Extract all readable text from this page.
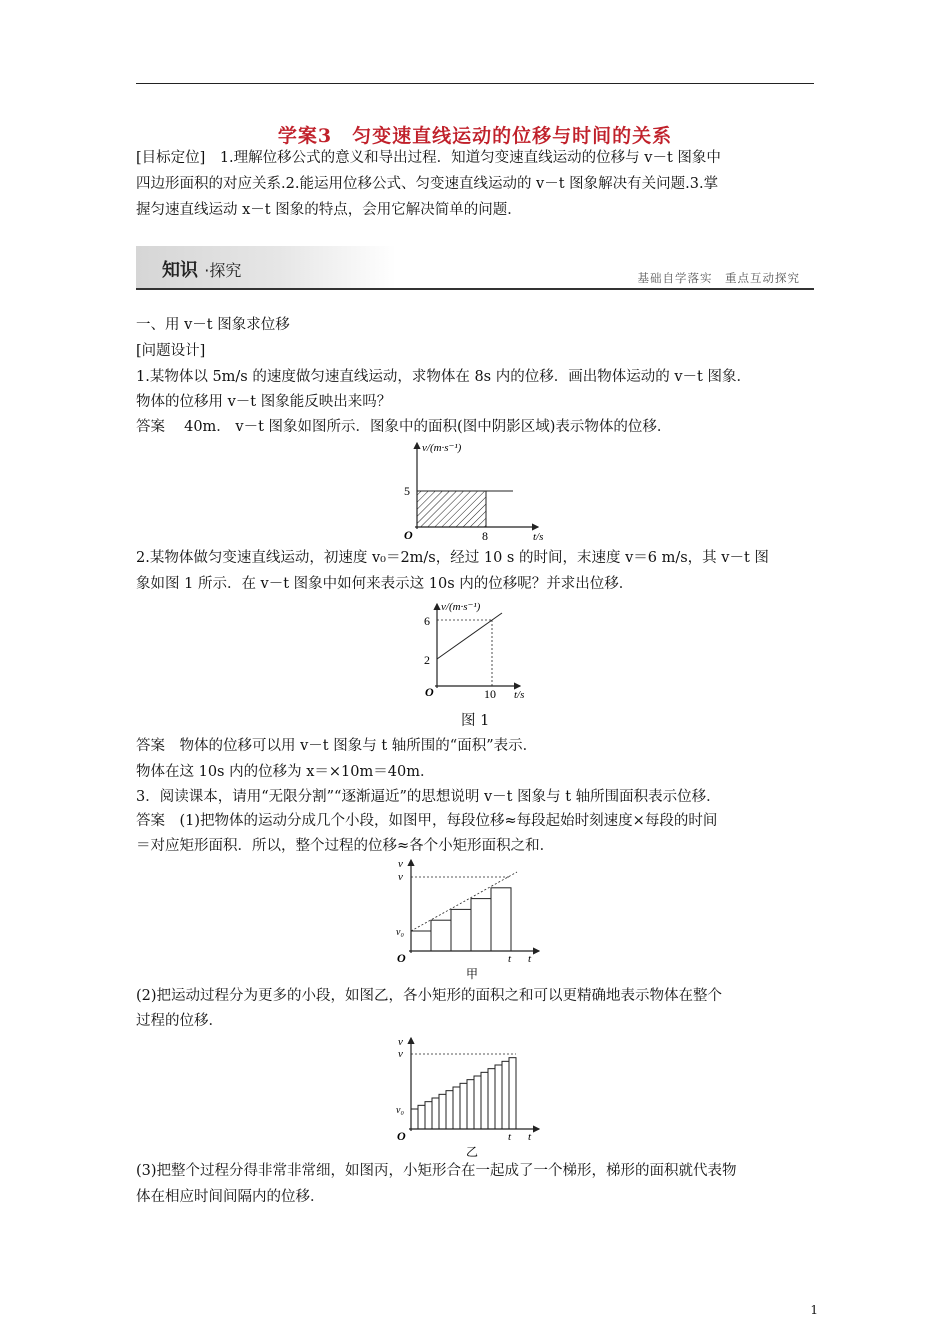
学案3　匀变速直线运动的位移与时间的关系
[目标定位]　1.理解位移公式的意义和导出过程．知道匀变速直线运动的位移与 v－t 图象中
四边形面积的对应关系.2.能运用位移公式、匀变速直线运动的 v－t 图象解决有关问题.3.掌
握匀速直线运动 x－t 图象的特点，会用它解决简单的问题．
知识 ·探究	基础自学落实　重点互动探究
一、用 v－t 图象求位移
[问题设计]
1.某物体以 5m/s 的速度做匀速直线运动，求物体在 8s 内的位移．画出物体运动的 v－t 图象．
物体的位移用 v－t 图象能反映出来吗？
答案　 40m． v－t 图象如图所示．图象中的面积(图中阴影区域)表示物体的位移．
v/(m·s⁻¹)
t/s
O
5
8
2.某物体做匀变速直线运动，初速度 v₀＝2m/s，经过 10 s 的时间，末速度 v＝6 m/s，其 v－t 图
象如图 1 所示．在 v－t 图象中如何来表示这 10s 内的位移呢？并求出位移．
v/(m·s⁻¹)
t/s
O
6
2
10
图 1
答案　物体的位移可以用 v－t 图象与 t 轴所围的“面积”表示．
物体在这 10s 内的位移为 x＝×10m＝40m．
3．阅读课本，请用“无限分割”“逐渐逼近”的思想说明 v－t 图象与 t 轴所围面积表示位移．
答案　(1)把物体的运动分成几个小段，如图甲，每段位移≈每段起始时刻速度×每段的时间
＝对应矩形面积．所以，整个过程的位移≈各个小矩形面积之和．
v
v
v₀
O	t t
甲
(2)把运动过程分为更多的小段，如图乙，各小矩形的面积之和可以更精确地表示物体在整个
过程的位移．
v
v
v₀
O	t t
乙
(3)把整个过程分得非常非常细，如图丙，小矩形合在一起成了一个梯形，梯形的面积就代表物
体在相应时间间隔内的位移．
1
